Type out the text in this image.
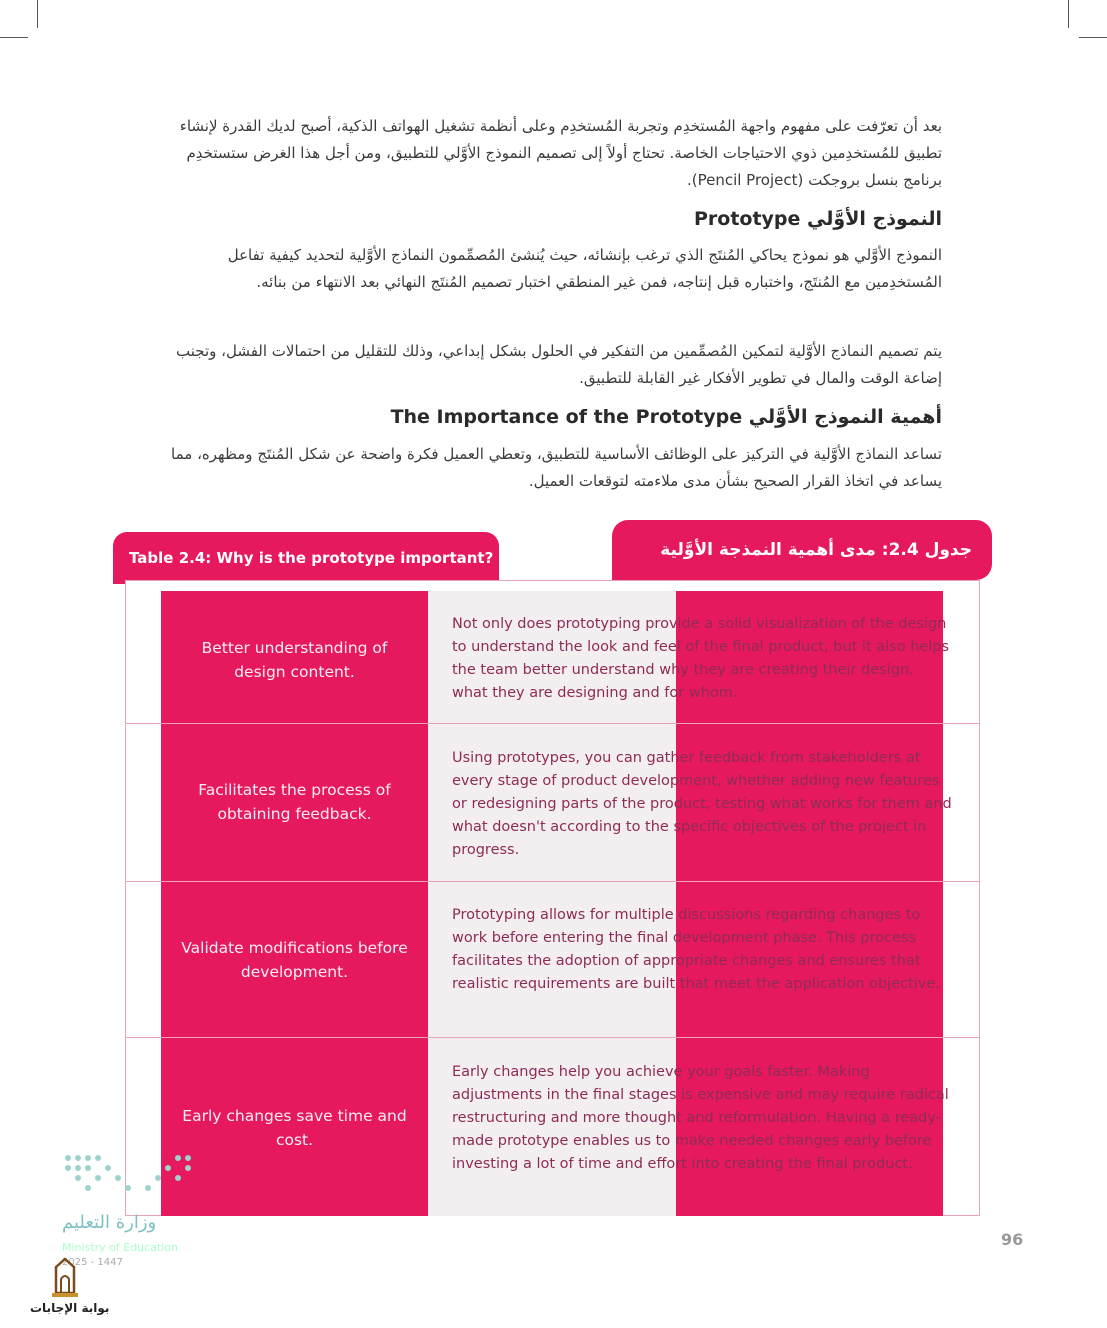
بعد أن تعرّفت على مفهوم واجهة المُستخدِم وتجربة المُستخدِم وعلى أنظمة تشغيل الهواتف الذكية، أصبح لديك القدرة لإنشاء تطبيق للمُستخدِمين ذوي الاحتياجات الخاصة. تحتاج أولاً إلى تصميم النموذج الأوَّلي للتطبيق، ومن أجل هذا الغرض ستستخدِم برنامج بنسل بروجكت (Pencil Project).
النموذج الأوَّلي Prototype
النموذج الأوَّلي هو نموذج يحاكي المُنتَج الذي ترغب بإنشائه، حيث يُنشئ المُصمِّمون النماذج الأوَّلية لتحديد كيفية تفاعل المُستخدِمين مع المُنتَج، واختباره قبل إنتاجه، فمن غير المنطقي اختبار تصميم المُنتَج النهائي بعد الانتهاء من بنائه.
يتم تصميم النماذج الأوَّلية لتمكين المُصمِّمين من التفكير في الحلول بشكل إبداعي، وذلك للتقليل من احتمالات الفشل، وتجنب إضاعة الوقت والمال في تطوير الأفكار غير القابلة للتطبيق.
أهمية النموذج الأوَّلي The Importance of the Prototype
تساعد النماذج الأوَّلية في التركيز على الوظائف الأساسية للتطبيق، وتعطي العميل فكرة واضحة عن شكل المُنتَج ومظهره، مما يساعد في اتخاذ القرار الصحيح بشأن مدى ملاءمته لتوقعات العميل.
Table 2.4: Why is the prototype important?	جدول 2.4: مدى أهمية النمذجة الأوَّلية
Better understanding of design content.
Not only does prototyping provide a solid visualization of the design to understand the look and feel of the final product, but it also helps the team better understand why they are creating their design, what they are designing and for whom.
Facilitates the process of obtaining feedback.
Using prototypes, you can gather feedback from stakeholders at every stage of product development, whether adding new features or redesigning parts of the product, testing what works for them and what doesn't according to the specific objectives of the project in progress.
Validate modifications before development.
Prototyping allows for multiple discussions regarding changes to work before entering the final development phase. This process facilitates the adoption of appropriate changes and ensures that realistic requirements are built that meet the application objective.
Early changes save time and cost.
Early changes help you achieve your goals faster. Making adjustments in the final stages is expensive and may require radical restructuring and more thought and reformulation. Having a ready-made prototype enables us to make needed changes early before investing a lot of time and effort into creating the final product.
وزارة التعليم
Ministry of Education
2025 - 1447
بوابة الإجابات
96
